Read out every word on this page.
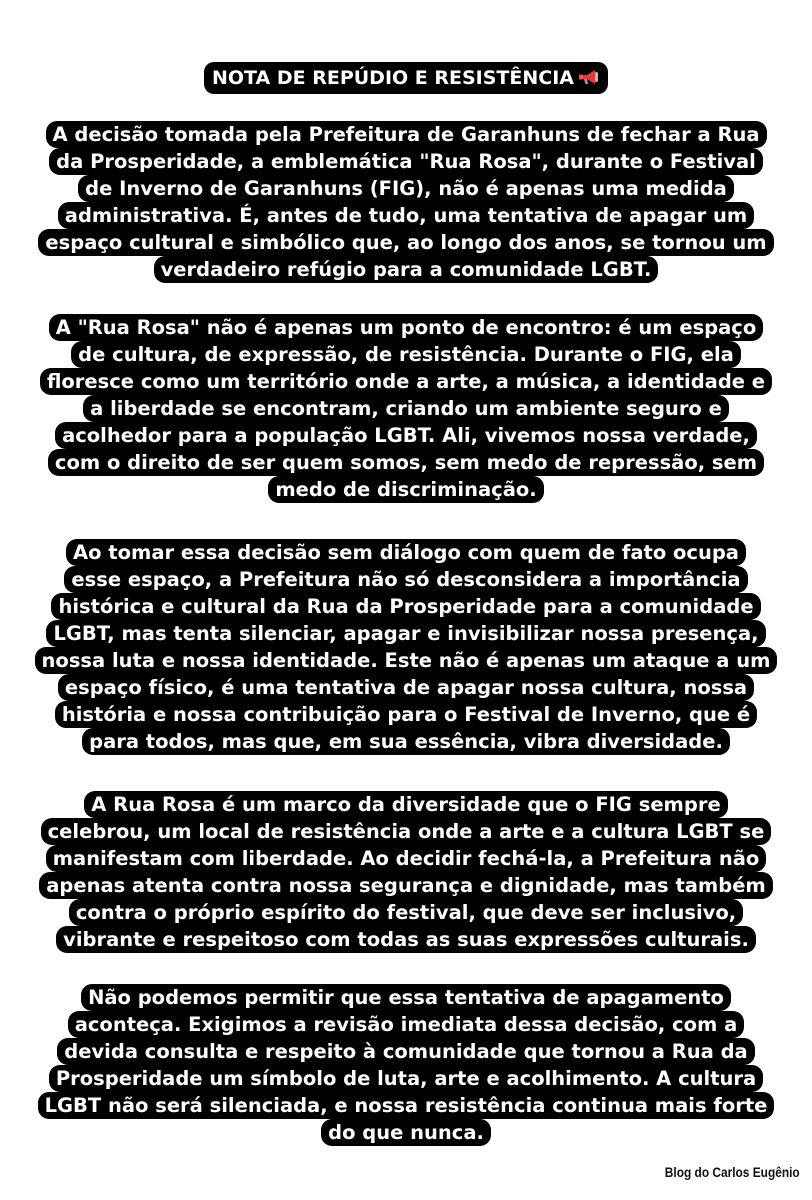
NOTA DE REPÚDIO E RESISTÊNCIA
A decisão tomada pela Prefeitura de Garanhuns de fechar a Rua
da Prosperidade, a emblemática "Rua Rosa", durante o Festival
de Inverno de Garanhuns (FIG), não é apenas uma medida
administrativa. É, antes de tudo, uma tentativa de apagar um
espaço cultural e simbólico que, ao longo dos anos, se tornou um
verdadeiro refúgio para a comunidade LGBT.
A "Rua Rosa" não é apenas um ponto de encontro: é um espaço
de cultura, de expressão, de resistência. Durante o FIG, ela
floresce como um território onde a arte, a música, a identidade e
a liberdade se encontram, criando um ambiente seguro e
acolhedor para a população LGBT. Ali, vivemos nossa verdade,
com o direito de ser quem somos, sem medo de repressão, sem
medo de discriminação.
Ao tomar essa decisão sem diálogo com quem de fato ocupa
esse espaço, a Prefeitura não só desconsidera a importância
histórica e cultural da Rua da Prosperidade para a comunidade
LGBT, mas tenta silenciar, apagar e invisibilizar nossa presença,
nossa luta e nossa identidade. Este não é apenas um ataque a um
espaço físico, é uma tentativa de apagar nossa cultura, nossa
história e nossa contribuição para o Festival de Inverno, que é
para todos, mas que, em sua essência, vibra diversidade.
A Rua Rosa é um marco da diversidade que o FIG sempre
celebrou, um local de resistência onde a arte e a cultura LGBT se
manifestam com liberdade. Ao decidir fechá-la, a Prefeitura não
apenas atenta contra nossa segurança e dignidade, mas também
contra o próprio espírito do festival, que deve ser inclusivo,
vibrante e respeitoso com todas as suas expressões culturais.
Não podemos permitir que essa tentativa de apagamento
aconteça. Exigimos a revisão imediata dessa decisão, com a
devida consulta e respeito à comunidade que tornou a Rua da
Prosperidade um símbolo de luta, arte e acolhimento. A cultura
LGBT não será silenciada, e nossa resistência continua mais forte
do que nunca.
Blog do Carlos Eugênio
